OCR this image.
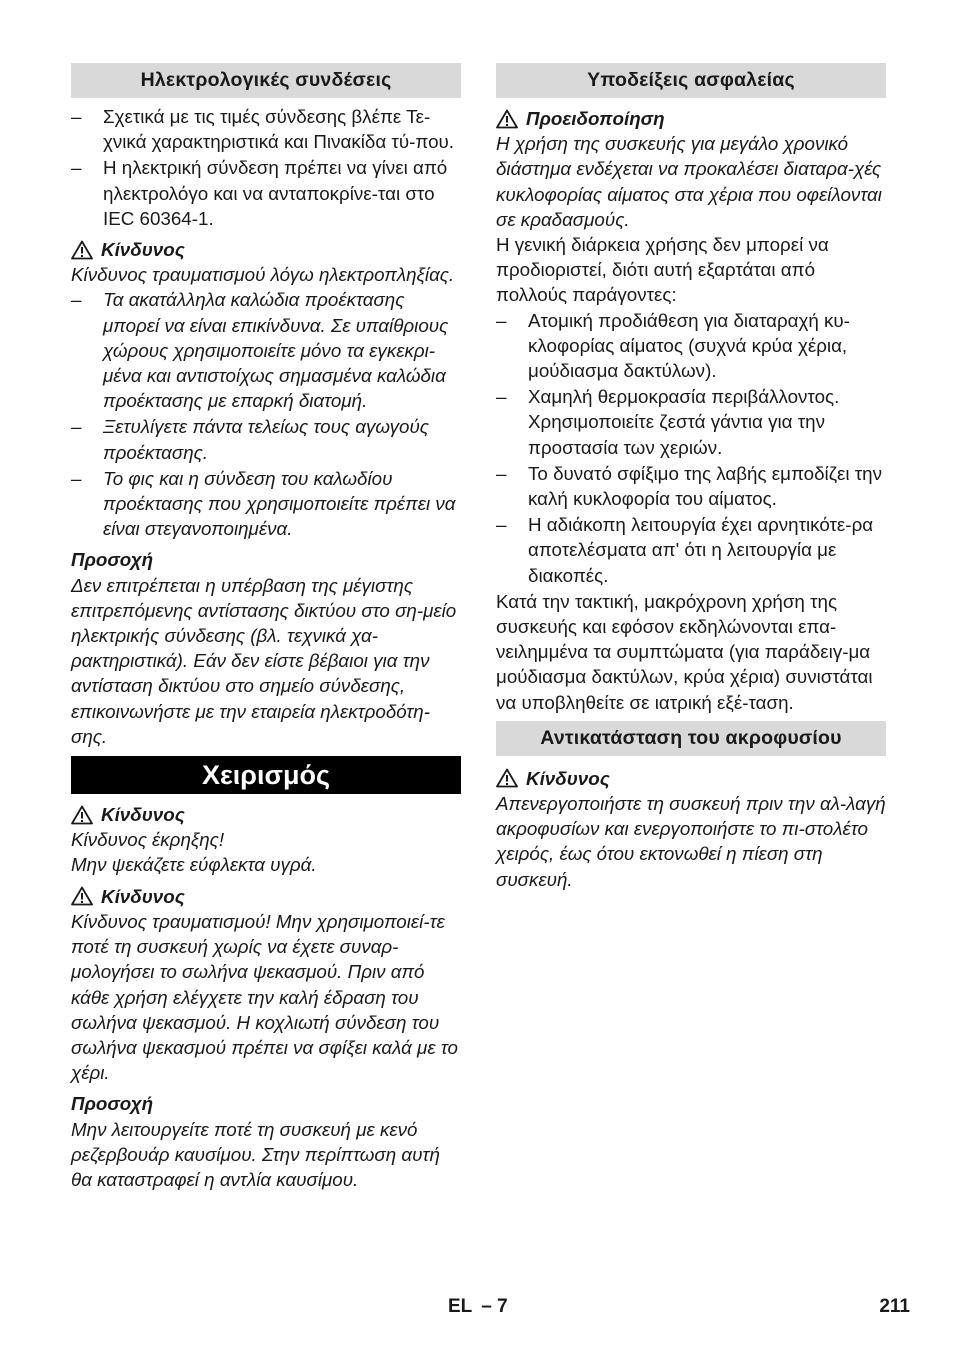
Ηλεκτρολογικές συνδέσεις
–	Σχετικά με τις τιμές σύνδεσης βλέπε Τε-χνικά χαρακτηριστικά και Πινακίδα τύ-που.
–	Η ηλεκτρική σύνδεση πρέπει να γίνει από ηλεκτρολόγο και να ανταποκρίνε-ται στο IEC 60364-1.
Κίνδυνος

Κίνδυνος τραυματισμού λόγω ηλεκτροπληξίας.

–	Τα ακατάλληλα καλώδια προέκτασης μπορεί να είναι επικίνδυνα. Σε υπαίθριους χώρους χρησιμοποιείτε μόνο τα εγκεκρι-μένα και αντιστοίχως σημασμένα καλώδια προέκτασης με επαρκή διατομή.
–	Ξετυλίγετε πάντα τελείως τους αγωγούς προέκτασης.
–	Το φις και η σύνδεση του καλωδίου προέκτασης που χρησιμοποιείτε πρέπει να είναι στεγανοποιημένα.
Προσοχή

Δεν επιτρέπεται η υπέρβαση της μέγιστης επιτρεπόμενης αντίστασης δικτύου στο ση-μείο ηλεκτρικής σύνδεσης (βλ. τεχνικά χα-ρακτηριστικά). Εάν δεν είστε βέβαιοι για την αντίσταση δικτύου στο σημείο σύνδεσης, επικοινωνήστε με την εταιρεία ηλεκτροδότη-σης.

Χειρισμός
Κίνδυνος

Κίνδυνος έκρηξης!

Μην ψεκάζετε εύφλεκτα υγρά.

Κίνδυνος

Κίνδυνος τραυματισμού! Μην χρησιμοποιεί-τε ποτέ τη συσκευή χωρίς να έχετε συναρ-μολογήσει το σωλήνα ψεκασμού. Πριν από κάθε χρήση ελέγχετε την καλή έδραση του σωλήνα ψεκασμού. Η κοχλιωτή σύνδεση του σωλήνα ψεκασμού πρέπει να σφίξει καλά με το χέρι.

Προσοχή

Μην λειτουργείτε ποτέ τη συσκευή με κενό ρεζερβουάρ καυσίμου. Στην περίπτωση αυτή θα καταστραφεί η αντλία καυσίμου.

Υποδείξεις ασφαλείας
Προειδοποίηση

Η χρήση της συσκευής για μεγάλο χρονικό διάστημα ενδέχεται να προκαλέσει διαταρα-χές κυκλοφορίας αίματος στα χέρια που οφείλονται σε κραδασμούς.

Η γενική διάρκεια χρήσης δεν μπορεί να προδιοριστεί, διότι αυτή εξαρτάται από πολλούς παράγοντες:

–	Ατομική προδιάθεση για διαταραχή κυ-κλοφορίας αίματος (συχνά κρύα χέρια, μούδιασμα δακτύλων).
–	Χαμηλή θερμοκρασία περιβάλλοντος. Χρησιμοποιείτε ζεστά γάντια για την προστασία των χεριών.
–	Το δυνατό σφίξιμο της λαβής εμποδίζει την καλή κυκλοφορία του αίματος.
–	Η αδιάκοπη λειτουργία έχει αρνητικότε-ρα αποτελέσματα απ' ότι η λειτουργία με διακοπές.

Κατά την τακτική, μακρόχρονη χρήση της συσκευής και εφόσον εκδηλώνονται επα-νειλημμένα τα συμπτώματα (για παράδειγ-μα μούδιασμα δακτύλων, κρύα χέρια) συνιστάται να υποβληθείτε σε ιατρική εξέ-ταση.

Αντικατάσταση του ακροφυσίου
Κίνδυνος

Απενεργοποιήστε τη συσκευή πριν την αλ-λαγή ακροφυσίων και ενεργοποιήστε το πι-στολέτο χειρός, έως ότου εκτονωθεί η πίεση στη συσκευή.

EL – 7	211
